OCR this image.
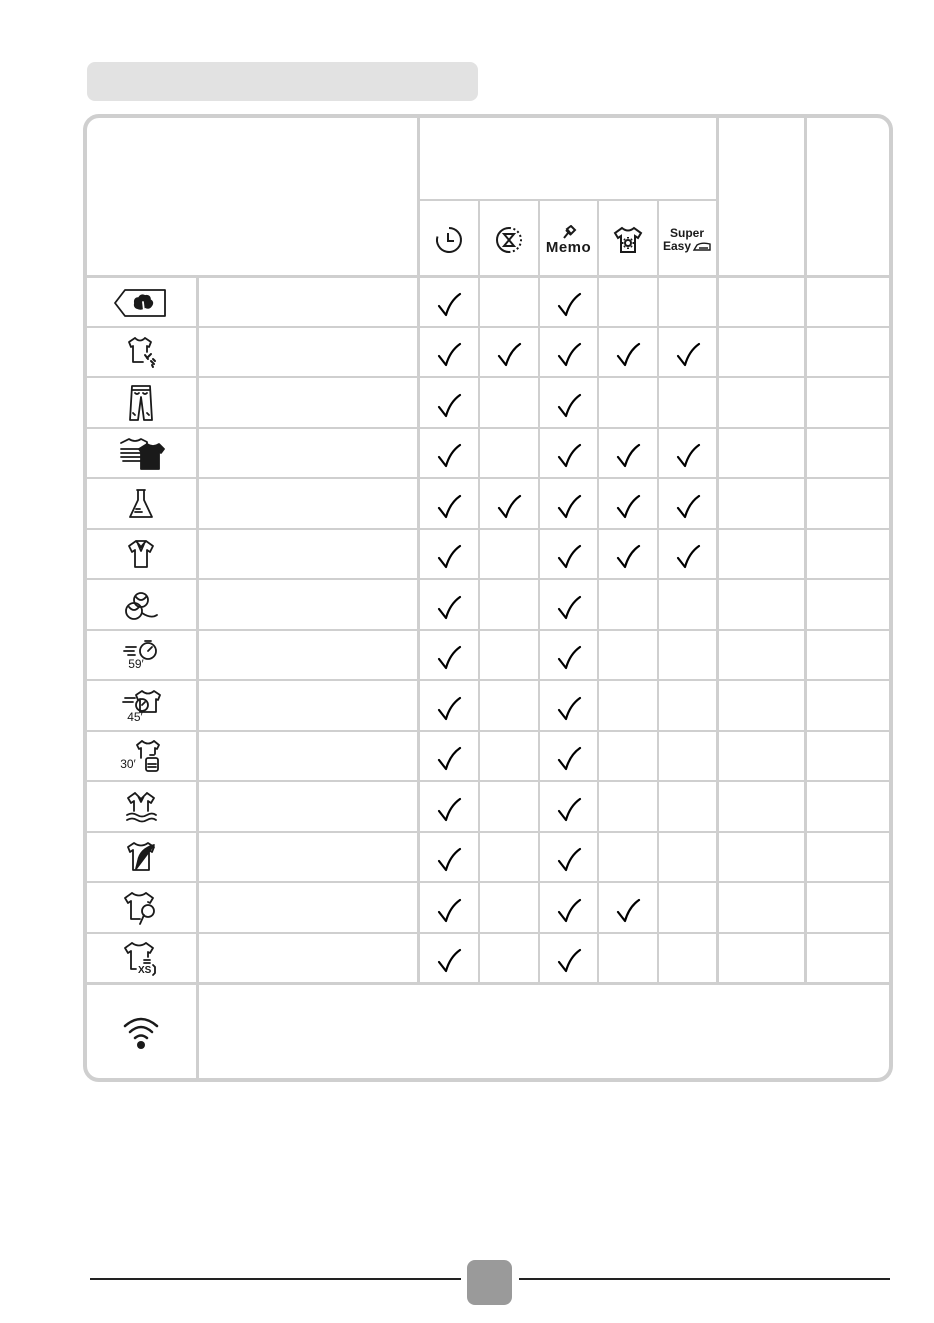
Memo
Super
Easy
59′
45′
30′
XS
